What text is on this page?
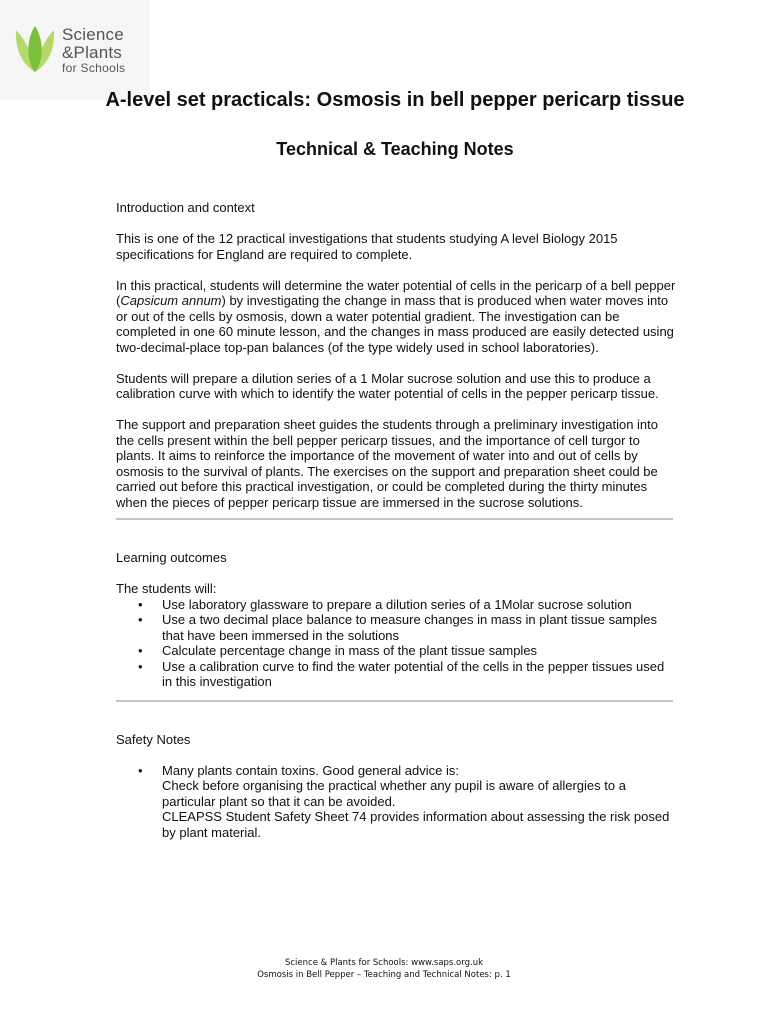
Science
&Plants
for Schools
A-level set practicals: Osmosis in bell pepper pericarp tissue
Technical & Teaching Notes

Introduction and context

This is one of the 12 practical investigations that students studying A level Biology 2015 specifications for England are required to complete.

In this practical, students will determine the water potential of cells in the pericarp of a bell pepper (Capsicum annum) by investigating the change in mass that is produced when water moves into or out of the cells by osmosis, down a water potential gradient. The investigation can be completed in one 60 minute lesson, and the changes in mass produced are easily detected using two-decimal-place top-pan balances (of the type widely used in school laboratories).

Students will prepare a dilution series of a 1 Molar sucrose solution and use this to produce a calibration curve with which to identify the water potential of cells in the pepper pericarp tissue.

The support and preparation sheet guides the students through a preliminary investigation into the cells present within the bell pepper pericarp tissues, and the importance of cell turgor to plants. It aims to reinforce the importance of the movement of water into and out of cells by osmosis to the survival of plants. The exercises on the support and preparation sheet could be carried out before this practical investigation, or could be completed during the thirty minutes when the pieces of pepper pericarp tissue are immersed in the sucrose solutions.

Learning outcomes

The students will:

• Use laboratory glassware to prepare a dilution series of a 1Molar sucrose solution
• Use a two decimal place balance to measure changes in mass in plant tissue samples that have been immersed in the solutions
• Calculate percentage change in mass of the plant tissue samples
• Use a calibration curve to find the water potential of the cells in the pepper tissues used in this investigation

Safety Notes

• Many plants contain toxins. Good general advice is:
Check before organising the practical whether any pupil is aware of allergies to a particular plant so that it can be avoided.
CLEAPSS Student Safety Sheet 74 provides information about assessing the risk posed by plant material.
Science & Plants for Schools: www.saps.org.uk
Osmosis in Bell Pepper – Teaching and Technical Notes: p. 1
